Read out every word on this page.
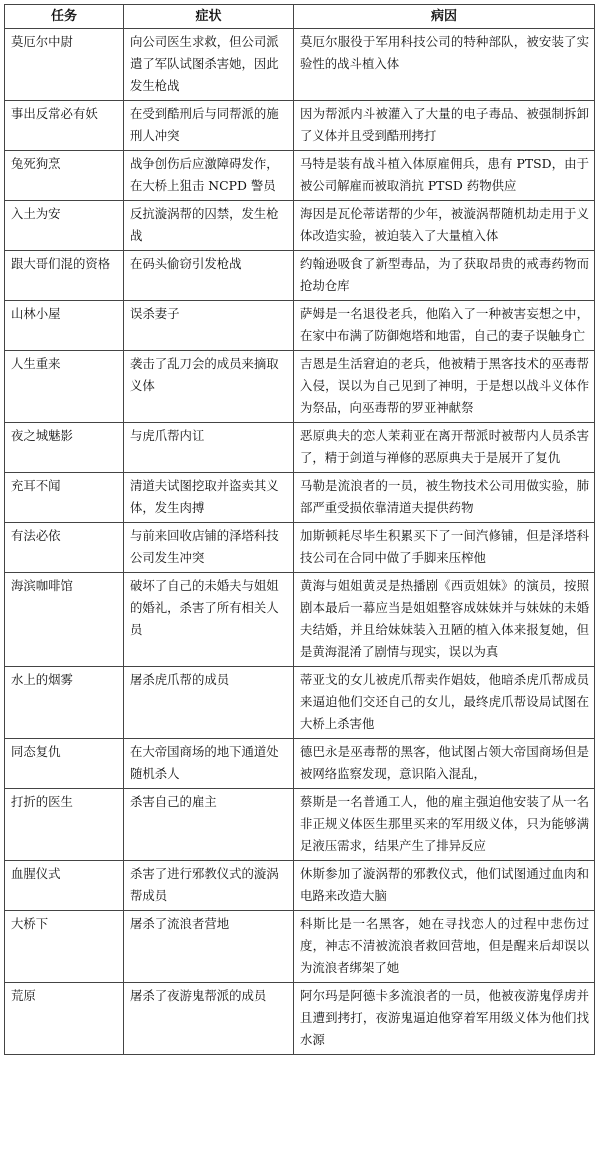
任务	症状	病因
莫厄尔中尉	向公司医生求救，但公司派遣了军队试图杀害她，因此发生枪战	莫厄尔服役于军用科技公司的特种部队，被安装了实验性的战斗植入体
事出反常必有妖	在受到酷刑后与同帮派的施刑人冲突	因为帮派内斗被灌入了大量的电子毒品、被强制拆卸了义体并且受到酷刑拷打
兔死狗烹	战争创伤后应激障碍发作，在大桥上狙击 NCPD 警员	马特是装有战斗植入体原雇佣兵，患有 PTSD，由于被公司解雇而被取消抗 PTSD 药物供应
入土为安	反抗漩涡帮的囚禁，发生枪战	海因是瓦伦蒂诺帮的少年，被漩涡帮随机劫走用于义体改造实验，被迫装入了大量植入体
跟大哥们混的资格	在码头偷窃引发枪战	约翰逊吸食了新型毒品，为了获取昂贵的戒毒药物而抢劫仓库
山林小屋	误杀妻子	萨姆是一名退役老兵，他陷入了一种被害妄想之中，在家中布满了防御炮塔和地雷，自己的妻子误触身亡
人生重来	袭击了乱刀会的成员来摘取义体	吉恩是生活窘迫的老兵，他被精于黑客技术的巫毒帮入侵，误以为自己见到了神明，于是想以战斗义体作为祭品，向巫毒帮的罗亚神献祭
夜之城魅影	与虎爪帮内讧	恶原典夫的恋人茉莉亚在离开帮派时被帮内人员杀害了，精于剑道与禅修的恶原典夫于是展开了复仇
充耳不闻	清道夫试图挖取并盗卖其义体，发生肉搏	马勒是流浪者的一员，被生物技术公司用做实验，肺部严重受损依靠清道夫提供药物
有法必依	与前来回收店铺的泽塔科技公司发生冲突	加斯顿耗尽毕生积累买下了一间汽修铺，但是泽塔科技公司在合同中做了手脚来压榨他
海滨咖啡馆	破坏了自己的未婚夫与姐姐的婚礼，杀害了所有相关人员	黄海与姐姐黄灵是热播剧《西贡姐妹》的演员，按照剧本最后一幕应当是姐姐整容成妹妹并与妹妹的未婚夫结婚，并且给妹妹装入丑陋的植入体来报复她，但是黄海混淆了剧情与现实，误以为真
水上的烟雾	屠杀虎爪帮的成员	蒂亚戈的女儿被虎爪帮卖作娼妓，他暗杀虎爪帮成员来逼迫他们交还自己的女儿，最终虎爪帮设局试图在大桥上杀害他
同态复仇	在大帝国商场的地下通道处随机杀人	德巴永是巫毒帮的黑客，他试图占领大帝国商场但是被网络监察发现，意识陷入混乱，
打折的医生	杀害自己的雇主	蔡斯是一名普通工人，他的雇主强迫他安装了从一名非正规义体医生那里买来的军用级义体，只为能够满足液压需求，结果产生了排异反应
血腥仪式	杀害了进行邪教仪式的漩涡帮成员	休斯参加了漩涡帮的邪教仪式，他们试图通过血肉和电路来改造大脑
大桥下	屠杀了流浪者营地	科斯比是一名黑客，她在寻找恋人的过程中悲伤过度，神志不清被流浪者救回营地，但是醒来后却误以为流浪者绑架了她
荒原	屠杀了夜游鬼帮派的成员	阿尔玛是阿德卡多流浪者的一员，他被夜游鬼俘虏并且遭到拷打，夜游鬼逼迫他穿着军用级义体为他们找水源
